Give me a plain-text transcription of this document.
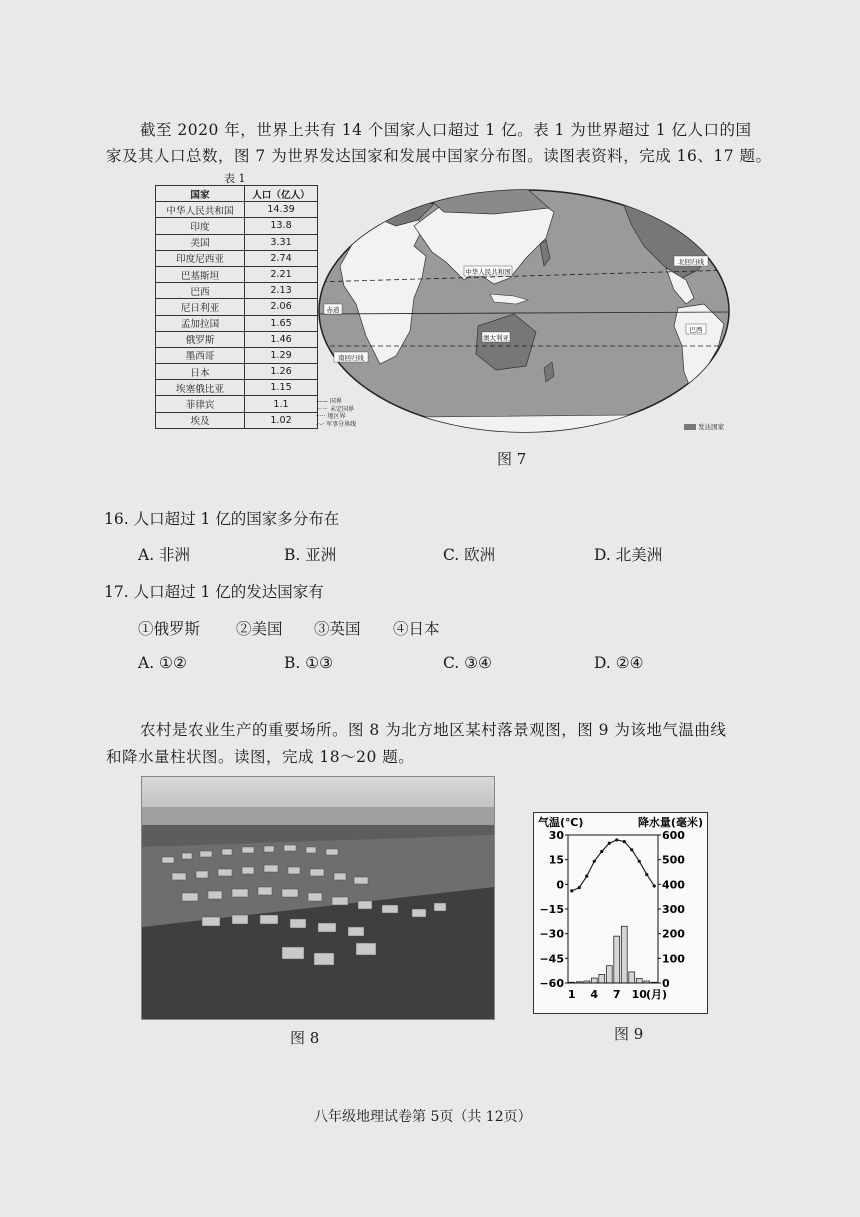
截至 2020 年，世界上共有 14 个国家人口超过 1 亿。表 1 为世界超过 1 亿人口的国
家及其人口总数，图 7 为世界发达国家和发展中国家分布图。读图表资料，完成 16、17 题。
表 1
国家	人口（亿人）
中华人民共和国	14.39
印度	13.8
美国	3.31
印度尼西亚	2.74
巴基斯坦	2.21
巴西	2.13
尼日利亚	2.06
孟加拉国	1.65
俄罗斯	1.46
墨西哥	1.29
日本	1.26
埃塞俄比亚	1.15
菲律宾	1.1
埃及	1.02
中华人民共和国
澳大利亚
巴西
北回归线
赤道
南回归线
—— 国界
－－ 未定国界
····· 地区界
-·-· 军事分界线	发达国家
图 7
16. 人口超过 1 亿的国家多分布在
A. 非洲	B. 亚洲	C. 欧洲	D. 北美洲
17. 人口超过 1 亿的发达国家有
①俄罗斯 ②美国 ③英国 ④日本
A. ①②	B. ①③	C. ③④	D. ②④
农村是农业生产的重要场所。图 8 为北方地区某村落景观图，图 9 为该地气温曲线
和降水量柱状图。读图，完成 18～20 题。
图 8
气温(℃)	降水量(毫米)
30
15
0
−15
−30
−45
−60
600
500
400
300
200
100
0
1 4 7 10 (月)
图 9
八年级地理试卷第 5页（共 12页）
